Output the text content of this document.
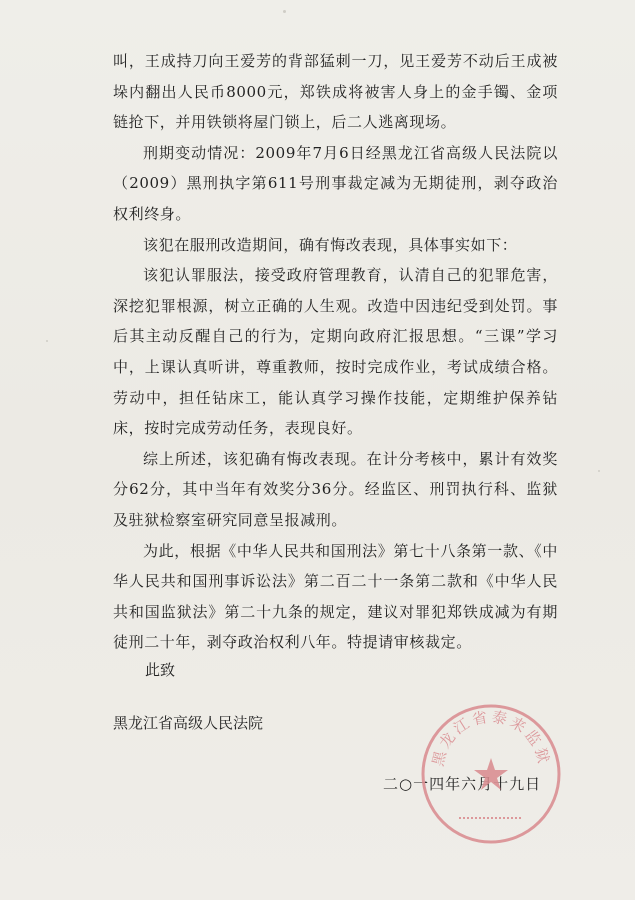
叫，王成持刀向王爱芳的背部猛刺一刀，见王爱芳不动后王成被垛内翻出人民币8000元，郑铁成将被害人身上的金手镯、金项链抢下，并用铁锁将屋门锁上，后二人逃离现场。

刑期变动情况：2009年7月6日经黑龙江省高级人民法院以（2009）黑刑执字第611号刑事裁定减为无期徒刑，剥夺政治权利终身。

该犯在服刑改造期间，确有悔改表现，具体事实如下：

该犯认罪服法，接受政府管理教育，认清自己的犯罪危害，深挖犯罪根源，树立正确的人生观。改造中因违纪受到处罚。事后其主动反醒自己的行为，定期向政府汇报思想。“三课”学习中，上课认真听讲，尊重教师，按时完成作业，考试成绩合格。劳动中，担任钻床工，能认真学习操作技能，定期维护保养钻床，按时完成劳动任务，表现良好。

综上所述，该犯确有悔改表现。在计分考核中，累计有效奖分62分，其中当年有效奖分36分。经监区、刑罚执行科、监狱及驻狱检察室研究同意呈报减刑。

为此，根据《中华人民共和国刑法》第七十八条第一款、《中华人民共和国刑事诉讼法》第二百二十一条第二款和《中华人民共和国监狱法》第二十九条的规定，建议对罪犯郑铁成减为有期徒刑二十年，剥夺政治权利八年。特提请审核裁定。

此致
黑龙江省高级人民法院
二○一四年六月十九日
黑龙江省泰来监狱
